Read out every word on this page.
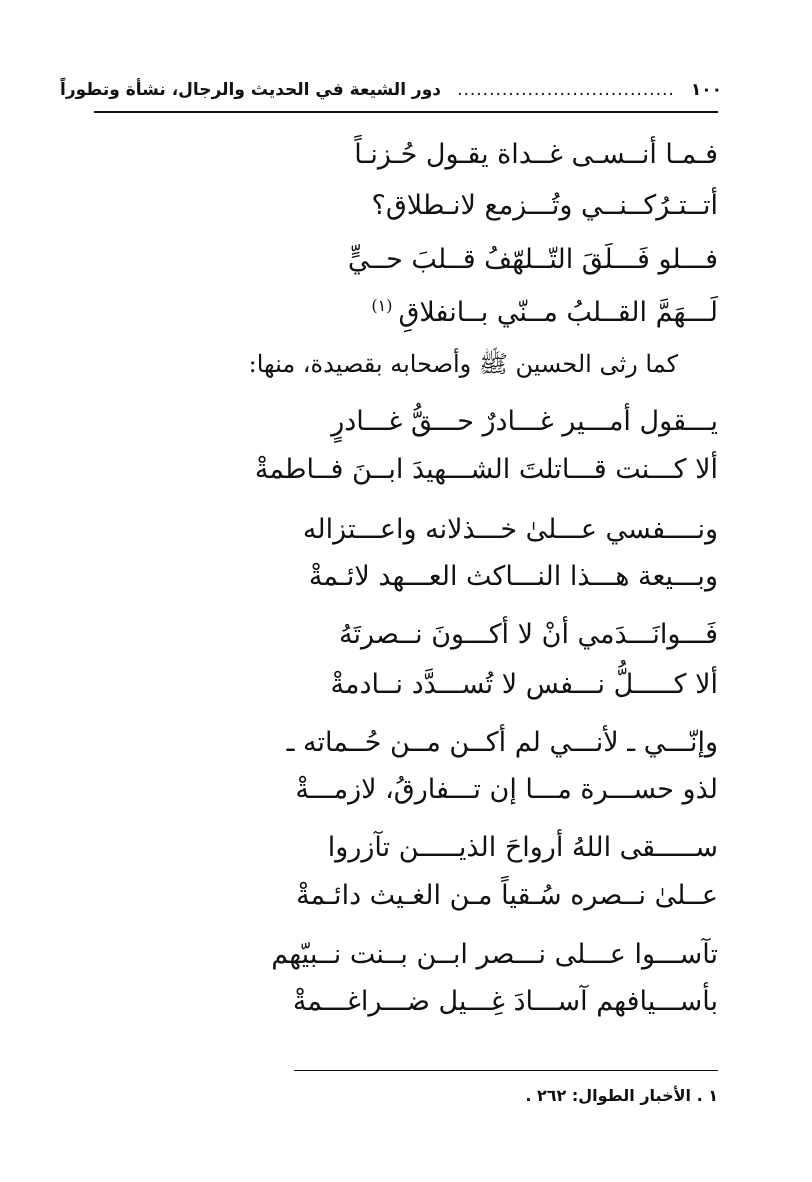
١٠٠
..................................
دور الشيعة في الحديث والرجال، نشأة وتطوراً
فـمـا أنــسـى غــداة يقـول حُـزنـاً
أتــتـرُكــنــي وتُـــزمع لانـطلاق؟
فـــلو فَـــلَقَ التّــلهّفُ قــلبَ حــيٍّ
لَـــهَمَّ القــلبُ مــنّي بــانفلاقِ$^{(١)}$
كما رثى الحسين ﷺ وأصحابه بقصيدة، منها:
يـــقول أمـــير غـــادرٌ حـــقُّ غـــادرٍ
ألا كـــنت قـــاتلتَ الشـــهيدَ ابــنَ فــاطمةْ
ونــــفسي عـــلىٰ خـــذلانه واعـــتزاله
وبـــيعة هـــذا النـــاكث العـــهد لائـمةْ
فَـــوانَـــدَمي أنْ لا أكـــونَ نــصرتَهُ
ألا كـــــلُّ نـــفس لا تُســـدَّد نــادمةْ
وإنّـــي ـ لأنـــي لم أكــن مــن حُــماته ـ
لذو حســـرة مـــا إن تـــفارقُ، لازمـــةْ
ســـــقى اللهُ أرواحَ الذيـــــن تآزروا
عــلىٰ نــصره سُـقياً مـن الغـيث دائـمةْ
تآســـوا عـــلى نـــصر ابــن بــنت نــبيّهم
بأســـيافهم آســـادَ غِـــيل ضـــراغـــمةْ
١ . الأخبار الطوال: ٢٦٢ .
